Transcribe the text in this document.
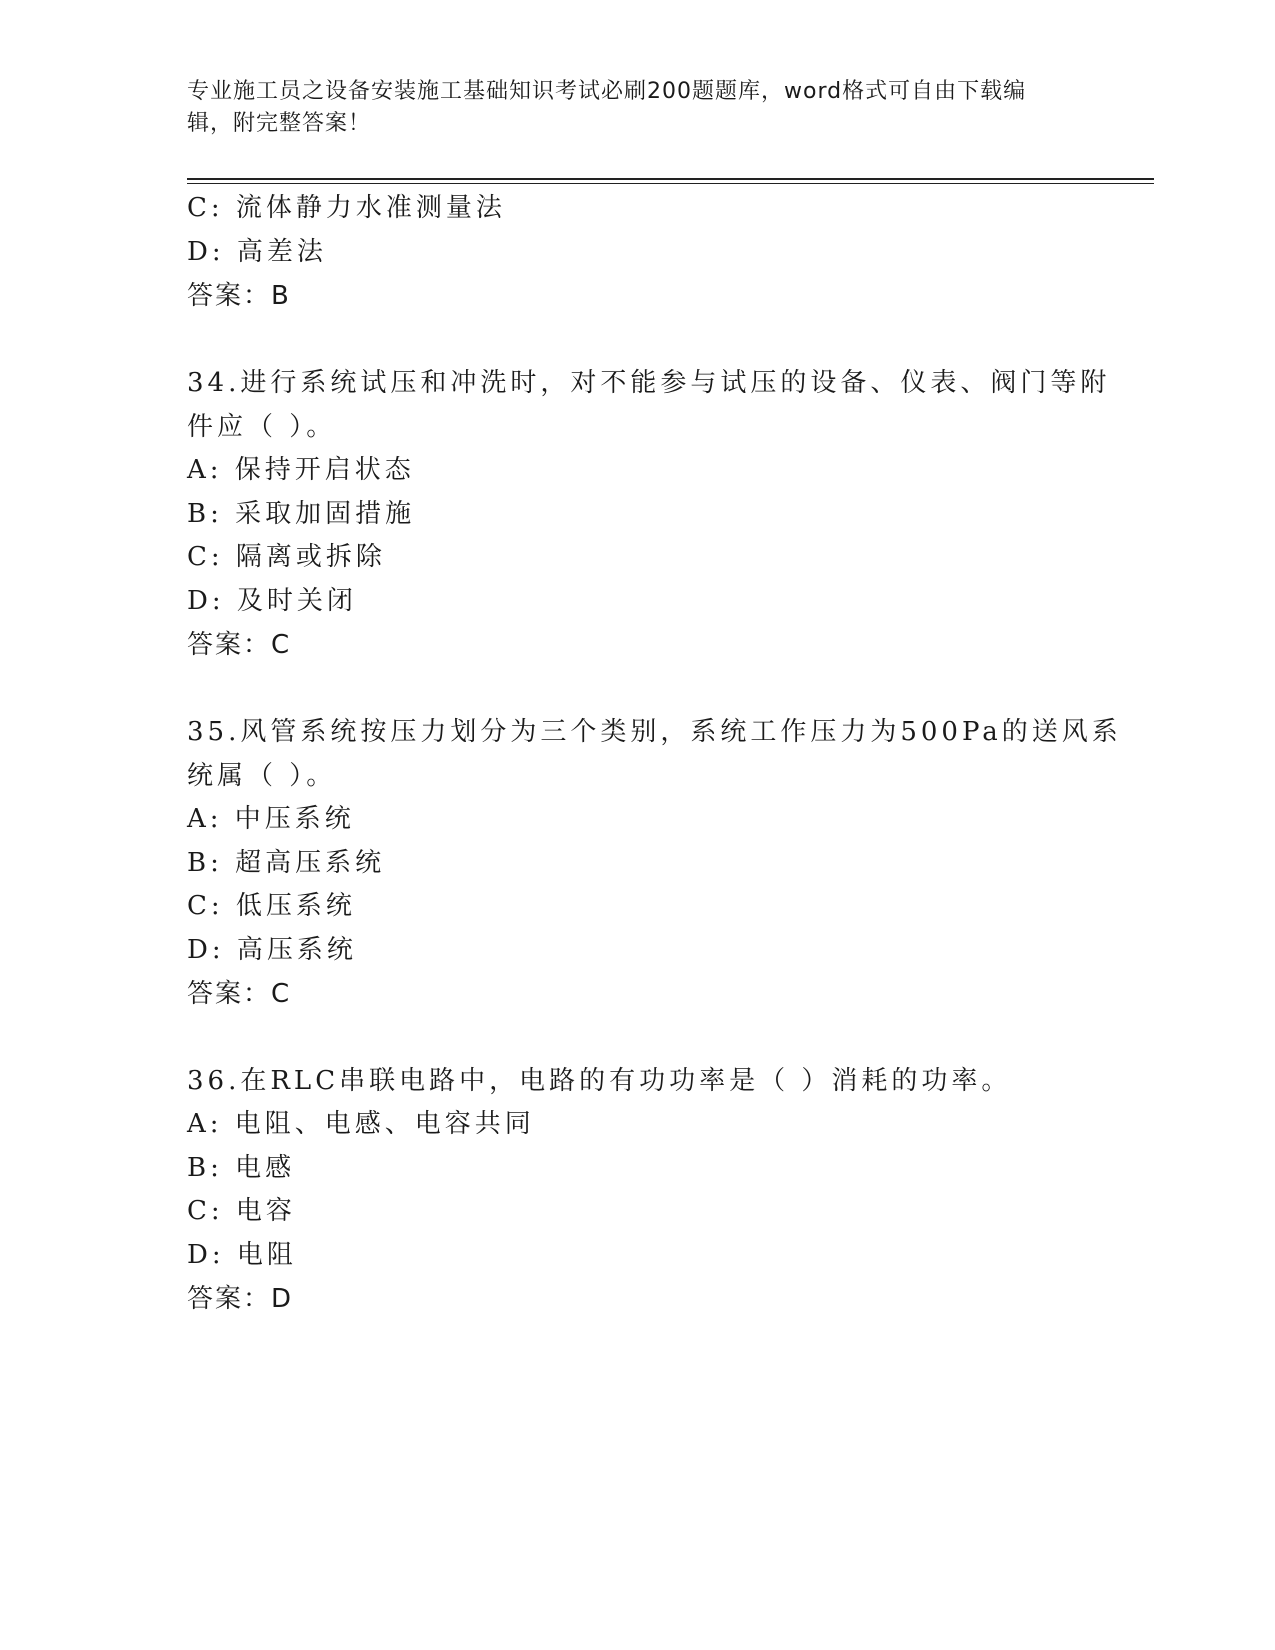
专业施工员之设备安装施工基础知识考试必刷200题题库，word格式可自由下载编辑，附完整答案！
C: 流体静力水准测量法
D: 高差法
答案：B
34.进行系统试压和冲洗时，对不能参与试压的设备、仪表、阀门等附
件应（ ）。
A: 保持开启状态
B: 采取加固措施
C: 隔离或拆除
D: 及时关闭
答案：C
35.风管系统按压力划分为三个类别，系统工作压力为500Pa的送风系
统属（ ）。
A: 中压系统
B: 超高压系统
C: 低压系统
D: 高压系统
答案：C
36.在RLC串联电路中，电路的有功功率是（ ）消耗的功率。
A: 电阻、电感、电容共同
B: 电感
C: 电容
D: 电阻
答案：D
